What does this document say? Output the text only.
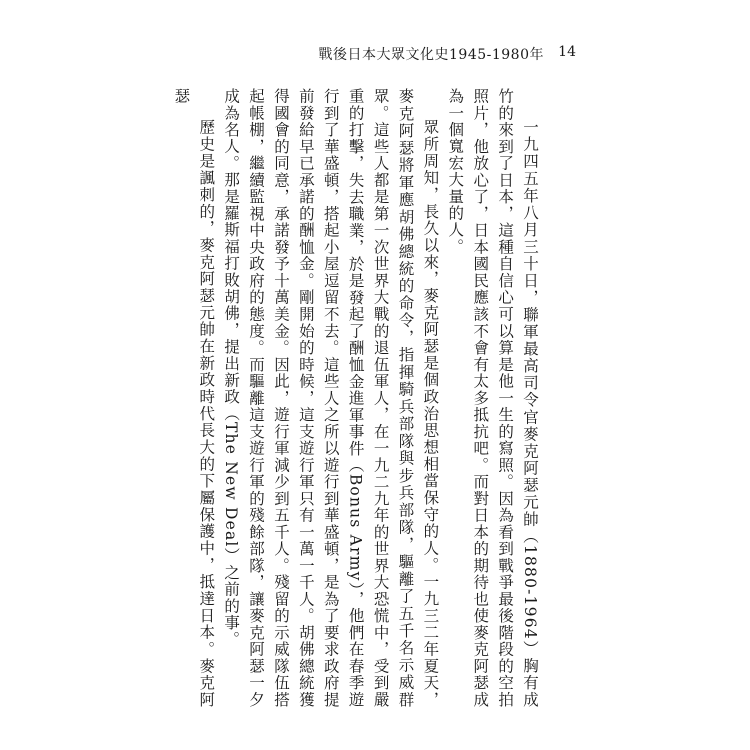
戰後日本大眾文化史1945-1980年 14

一九四五年八月三十日，聯軍最高司令官麥克阿瑟元帥（1880-1964）胸有成竹的來到了日本，這種自信心可以算是他一生的寫照。因為看到戰爭最後階段的空拍照片，他放心了，日本國民應該不會有太多抵抗吧。而對日本的期待也使麥克阿瑟成為一個寬宏大量的人。

眾所周知，長久以來，麥克阿瑟是個政治思想相當保守的人。一九三二年夏天，麥克阿瑟將軍應胡佛總統的命令，指揮騎兵部隊與步兵部隊，驅離了五千名示威群眾。這些人都是第一次世界大戰的退伍軍人，在一九二九年的世界大恐慌中，受到嚴重的打擊，失去職業，於是發起了酬恤金進軍事件（Bonus Army），他們在春季遊行到了華盛頓，搭起小屋逗留不去。這些人之所以遊行到華盛頓，是為了要求政府提前發給早已承諾的酬恤金。剛開始的時候，這支遊行軍只有一萬一千人。胡佛總統獲得國會的同意，承諾發予十萬美金。因此，遊行軍減少到五千人。殘留的示威隊伍搭起帳棚，繼續監視中央政府的態度。而驅離這支遊行軍的殘餘部隊，讓麥克阿瑟一夕成為名人。那是羅斯福打敗胡佛，提出新政（The New Deal）之前的事。

歷史是諷刺的，麥克阿瑟元帥在新政時代長大的下屬保護中，抵達日本。麥克阿瑟
